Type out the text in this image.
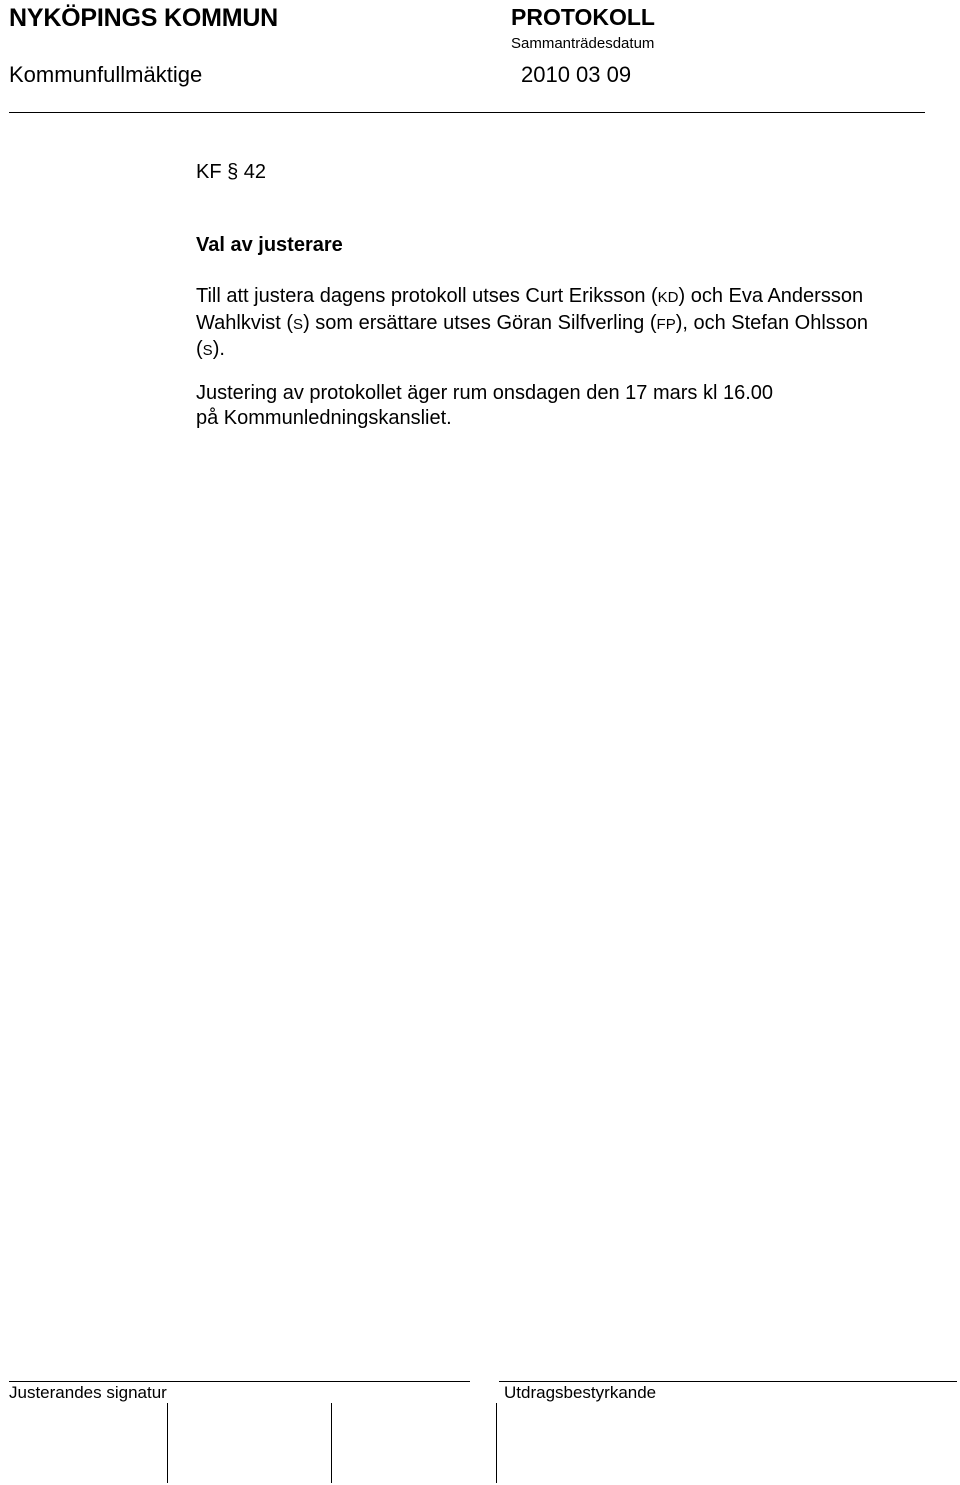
NYKÖPINGS KOMMUN	PROTOKOLL
Sammanträdesdatum
Kommunfullmäktige	2010 03 09
KF § 42
Val av justerare
Till att justera dagens protokoll utses Curt Eriksson (KD) och Eva Andersson
Wahlkvist (S) som ersättare utses Göran Silfverling (FP), och Stefan Ohlsson
(S).
Justering av protokollet äger rum onsdagen den 17 mars kl 16.00
på Kommunledningskansliet.
Justerandes signatur	Utdragsbestyrkande
